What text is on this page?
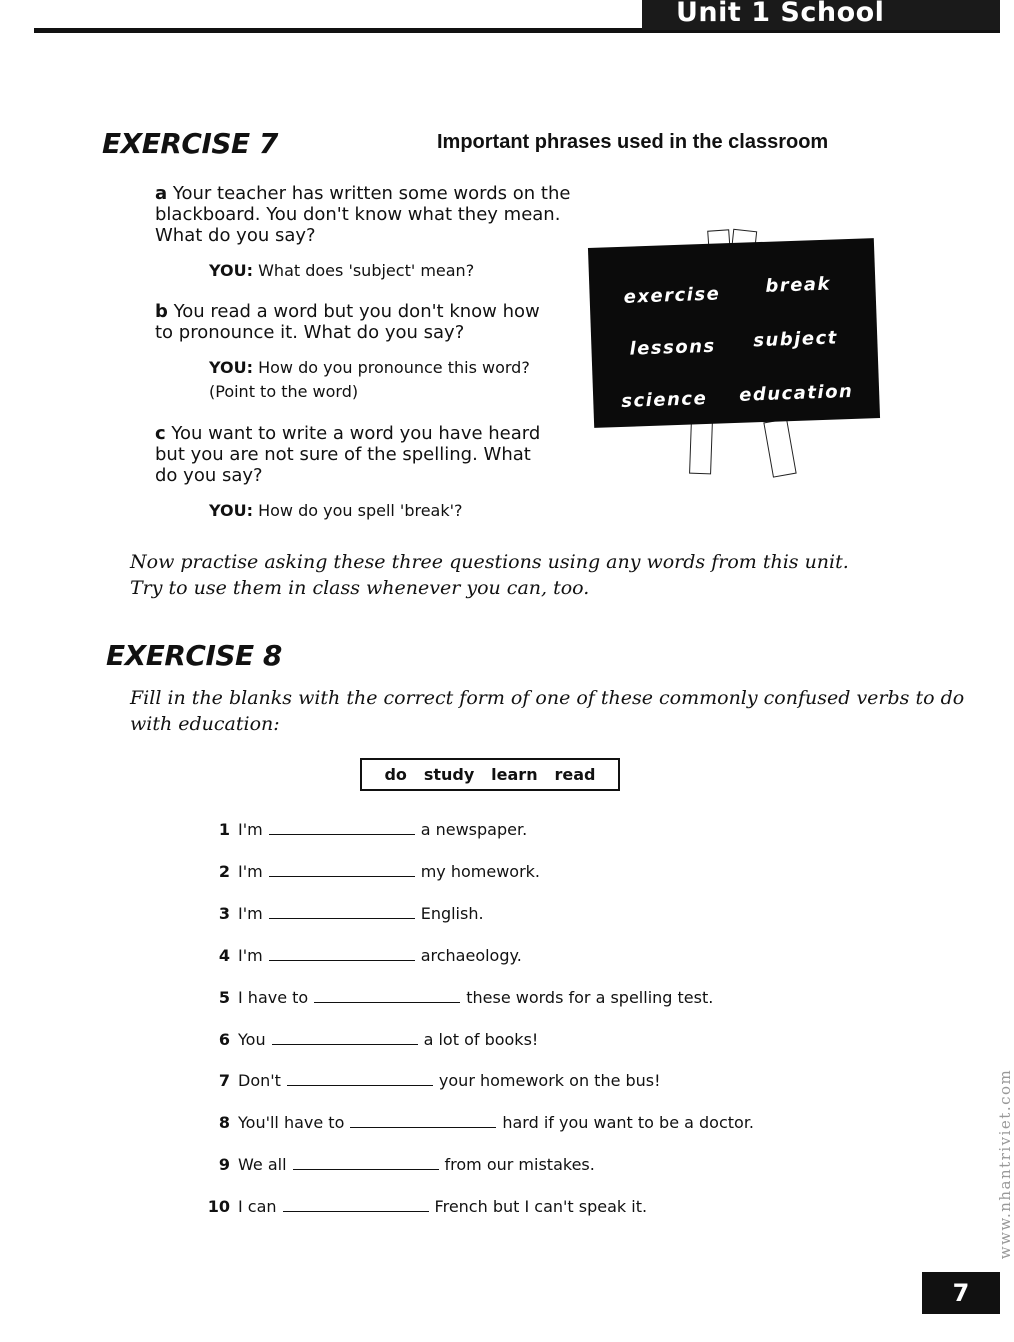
Unit 1 School
EXERCISE 7	Important phrases used in the classroom
a Your teacher has written some words on the blackboard. You don't know what they mean. What do you say?
YOU: What does 'subject' mean?
b You read a word but you don't know how to pronounce it. What do you say?
YOU: How do you pronounce this word?
(Point to the word)
c You want to write a word you have heard but you are not sure of the spelling. What do you say?
YOU: How do you spell 'break'?
exercise break
lessons subject
science education
Now practise asking these three questions using any words from this unit.
Try to use them in class whenever you can, too.
EXERCISE 8
Fill in the blanks with the correct form of one of these commonly confused verbs to do
with education:
do study learn read
1 I'm	a newspaper.
2 I'm	my homework.
3 I'm	English.
4 I'm	archaeology.
5 I have to	these words for a spelling test.
6 You	a lot of books!
7 Don't	your homework on the bus!
8 You'll have to	hard if you want to be a doctor.
9 We all	from our mistakes.
10 I can	French but I can't speak it.	www.nhantriviet.com
7
